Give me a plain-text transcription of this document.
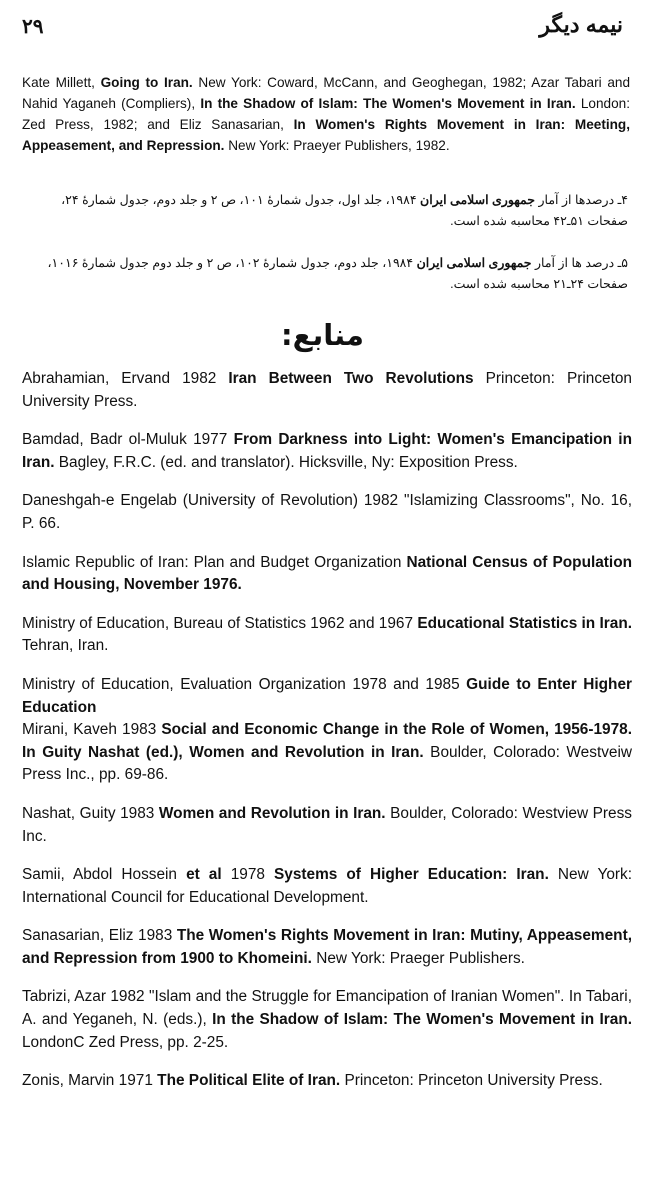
۲۹	نیمه دیگر
Kate Millett, Going to Iran. New York: Coward, McCann, and Geoghegan, 1982; Azar Tabari and Nahid Yaganeh (Compliers), In the Shadow of Islam: The Women's Movement in Iran. London: Zed Press, 1982; and Eliz Sanasarian, In Women's Rights Movement in Iran: Meeting, Appeasement, and Repression. New York: Praeyer Publishers, 1982.
۴ـ درصدها از آمار جمهوری اسلامی ایران ۱۹۸۴، جلد اول، جدول شمارهٔ ۱۰۱، ص ۲ و جلد دوم، جدول شمارهٔ ۲۴، صفحات ۵۱ـ۴۲ محاسبه شده است.
۵ـ درصد ها از آمار جمهوری اسلامی ایران ۱۹۸۴، جلد دوم، جدول شمارهٔ ۱۰۲، ص ۲ و جلد دوم جدول شمارهٔ ۱۰۱۶، صفحات ۲۴ـ۲۱ محاسبه شده است.
منابع:

Abrahamian, Ervand 1982 Iran Between Two Revolutions Princeton: Princeton University Press.

Bamdad, Badr ol-Muluk 1977 From Darkness into Light: Women's Emancipation in Iran. Bagley, F.R.C. (ed. and translator). Hicksville, Ny: Exposition Press.

Daneshgah-e Engelab (University of Revolution) 1982 "Islamizing Classrooms", No. 16, P. 66.

Islamic Republic of Iran: Plan and Budget Organization National Census of Population and Housing, November 1976.

Ministry of Education, Bureau of Statistics 1962 and 1967 Educational Statistics in Iran. Tehran, Iran.

Ministry of Education, Evaluation Organization 1978 and 1985 Guide to Enter Higher Education

Mirani, Kaveh 1983 Social and Economic Change in the Role of Women, 1956-1978. In Guity Nashat (ed.), Women and Revolution in Iran. Boulder, Colorado: Westveiw Press Inc., pp. 69-86.

Nashat, Guity 1983 Women and Revolution in Iran. Boulder, Colorado: Westview Press Inc.

Samii, Abdol Hossein et al 1978 Systems of Higher Education: Iran. New York: International Council for Educational Development.

Sanasarian, Eliz 1983 The Women's Rights Movement in Iran: Mutiny, Appeasement, and Repression from 1900 to Khomeini. New York: Praeger Publishers.

Tabrizi, Azar 1982 "Islam and the Struggle for Emancipation of Iranian Women". In Tabari, A. and Yeganeh, N. (eds.), In the Shadow of Islam: The Women's Movement in Iran. LondonC Zed Press, pp. 2-25.

Zonis, Marvin 1971 The Political Elite of Iran. Princeton: Princeton University Press.
